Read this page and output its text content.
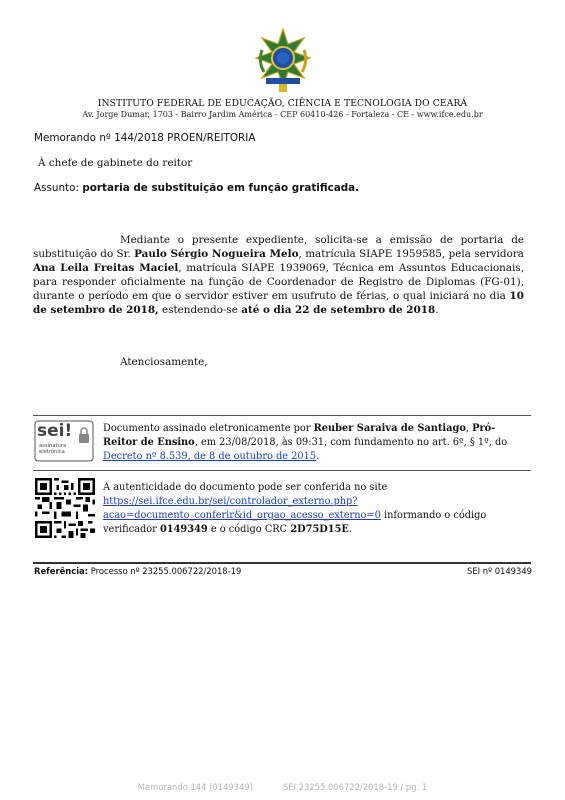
INSTITUTO FEDERAL DE EDUCAÇÃO, CIÊNCIA E TECNOLOGIA DO CEARÁ
Av. Jorge Dumar, 1703 - Bairro Jardim América - CEP 60410-426 - Fortaleza - CE - www.ifce.edu.br
Memorando nº 144/2018 PROEN/REITORIA
À chefe de gabinete do reitor
Assunto: portaria de substituição em função gratificada.
Mediante o presente expediente, solicita-se a emissão de portaria de substituição do Sr. Paulo Sérgio Nogueira Melo, matrícula SIAPE 1959585, pela servidora Ana Leila Freitas Maciel, matrícula SIAPE 1939069, Técnica em Assuntos Educacionais, para responder oficialmente na função de Coordenador de Registro de Diplomas (FG-01), durante o período em que o servidor estiver em usufruto de férias, o qual iniciará no dia 10 de setembro de 2018, estendendo-se até o dia 22 de setembro de 2018.
Atenciosamente,
sei!
assinatura
eletrônica
Documento assinado eletronicamente por Reuber Saraiva de Santiago, Pró-Reitor de Ensino, em 23/08/2018, às 09:31, com fundamento no art. 6º, § 1º, do Decreto nº 8.539, de 8 de outubro de 2015.
A autenticidade do documento pode ser conferida no site https://sei.ifce.edu.br/sei/controlador_externo.php?acao=documento_conferir&id_orgao_acesso_externo=0 informando o código verificador 0149349 e o código CRC 2D75D15E.
Referência: Processo nº 23255.006722/2018-19	SEI nº 0149349
Memorando 144 (0149349)	SEI 23255.006722/2018-19 / pg. 1
